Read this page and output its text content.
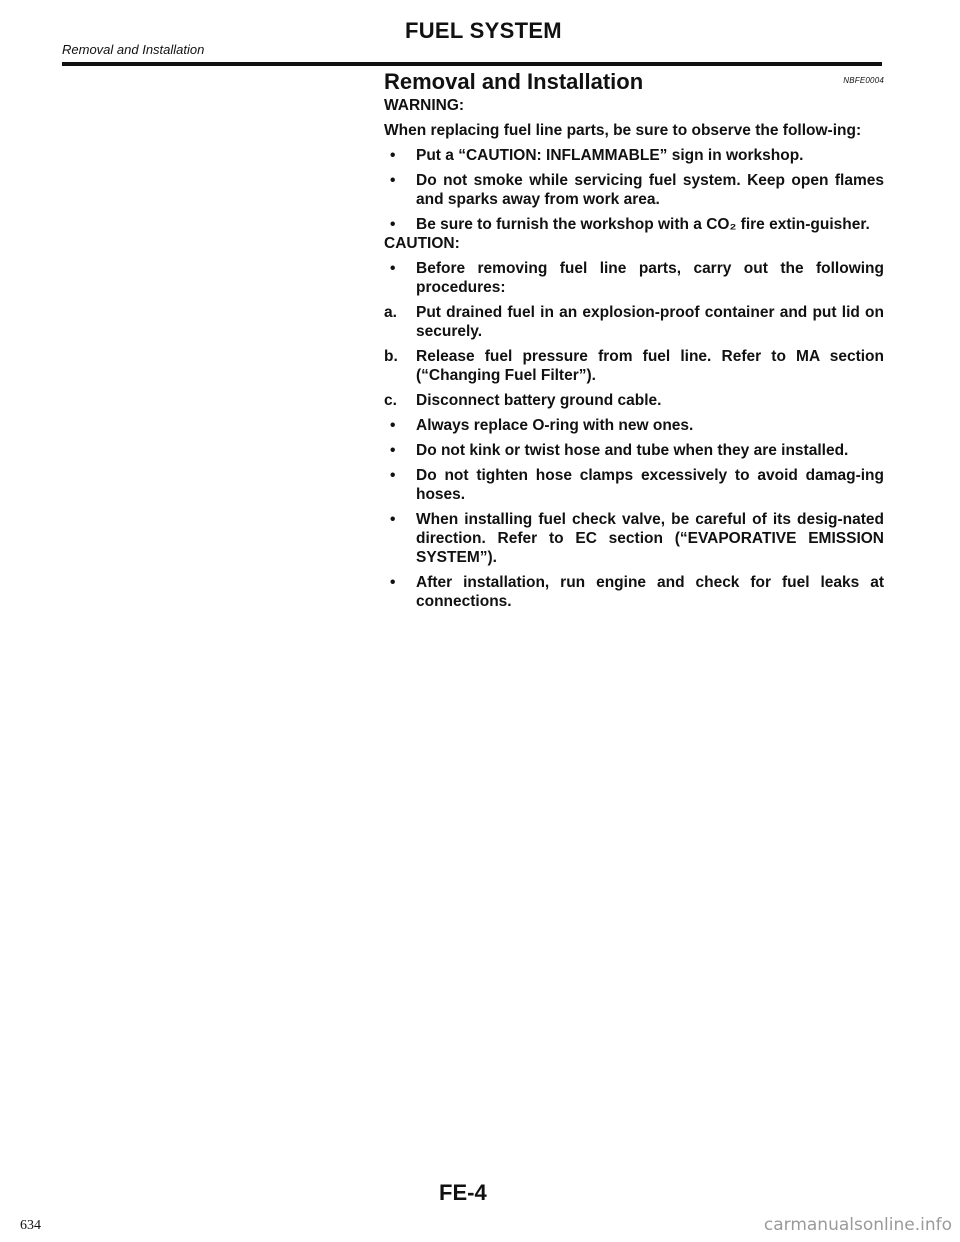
Removal and Installation
FUEL SYSTEM
Removal and Installation	NBFE0004
WARNING:
When replacing fuel line parts, be sure to observe the follow-ing:
•	Put a “CAUTION: INFLAMMABLE” sign in workshop.
•	Do not smoke while servicing fuel system. Keep open flames and sparks away from work area.
•	Be sure to furnish the workshop with a CO₂ fire extin-guisher.
CAUTION:
•	Before removing fuel line parts, carry out the following procedures:
a.	Put drained fuel in an explosion-proof container and put lid on securely.
b.	Release fuel pressure from fuel line. Refer to MA section (“Changing Fuel Filter”).
c.	Disconnect battery ground cable.
•	Always replace O-ring with new ones.
•	Do not kink or twist hose and tube when they are installed.
•	Do not tighten hose clamps excessively to avoid damag-ing hoses.
•	When installing fuel check valve, be careful of its desig-nated direction. Refer to EC section (“EVAPORATIVE EMISSION SYSTEM”).
•	After installation, run engine and check for fuel leaks at connections.
FE-4
634	carmanualsonline.info
